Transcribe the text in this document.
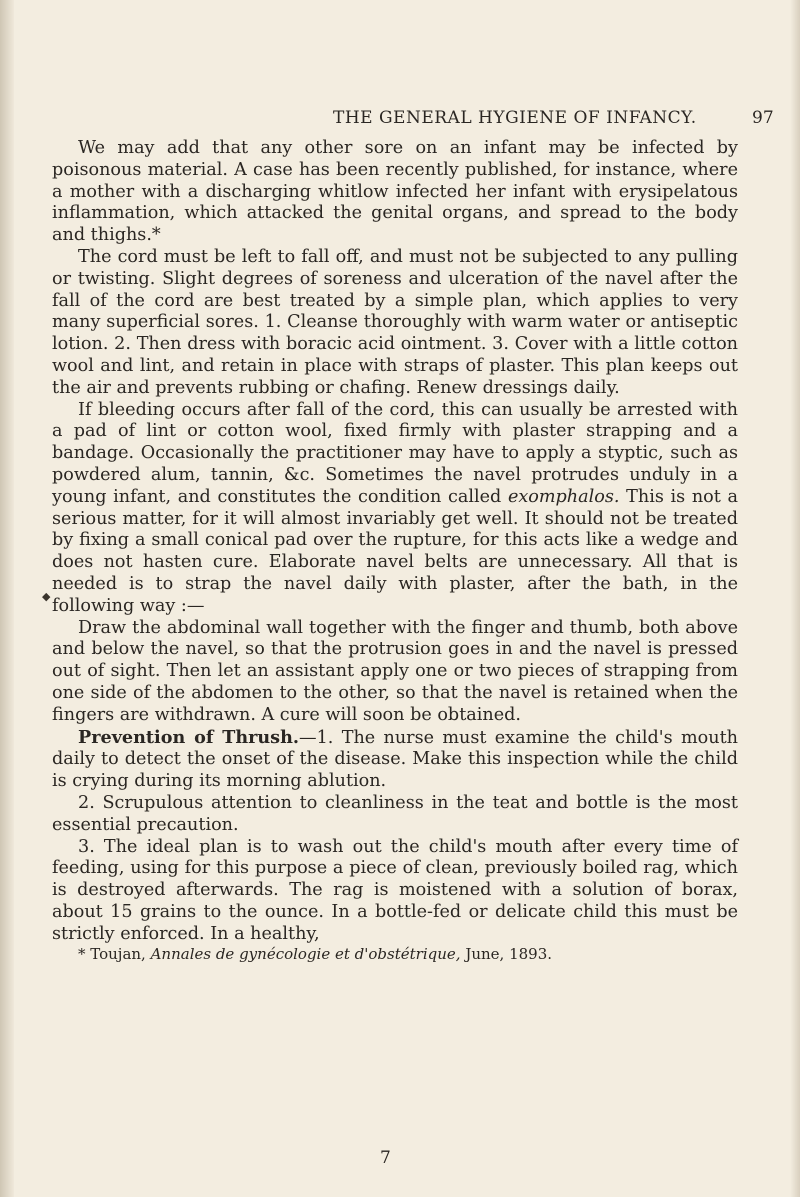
THE GENERAL HYGIENE OF INFANCY.	97
◆

We may add that any other sore on an infant may be infected by poisonous material. A case has been recently published, for instance, where a mother with a discharging whitlow infected her infant with erysipelatous inflammation, which attacked the genital organs, and spread to the body and thighs.*

The cord must be left to fall off, and must not be subjected to any pulling or twisting. Slight degrees of soreness and ulceration of the navel after the fall of the cord are best treated by a simple plan, which applies to very many superficial sores. 1. Cleanse thoroughly with warm water or antiseptic lotion. 2. Then dress with boracic acid ointment. 3. Cover with a little cotton wool and lint, and retain in place with straps of plaster. This plan keeps out the air and prevents rubbing or chafing. Renew dressings daily.

If bleeding occurs after fall of the cord, this can usually be arrested with a pad of lint or cotton wool, fixed firmly with plaster strapping and a bandage. Occasionally the practitioner may have to apply a styptic, such as powdered alum, tannin, &c. Sometimes the navel protrudes unduly in a young infant, and constitutes the condition called exomphalos. This is not a serious matter, for it will almost invariably get well. It should not be treated by fixing a small conical pad over the rupture, for this acts like a wedge and does not hasten cure. Elaborate navel belts are unnecessary. All that is needed is to strap the navel daily with plaster, after the bath, in the following way :—

Draw the abdominal wall together with the finger and thumb, both above and below the navel, so that the protrusion goes in and the navel is pressed out of sight. Then let an assistant apply one or two pieces of strapping from one side of the abdomen to the other, so that the navel is retained when the fingers are withdrawn. A cure will soon be obtained.

Prevention of Thrush.—1. The nurse must examine the child's mouth daily to detect the onset of the disease. Make this inspection while the child is crying during its morning ablution.

2. Scrupulous attention to cleanliness in the teat and bottle is the most essential precaution.

3. The ideal plan is to wash out the child's mouth after every time of feeding, using for this purpose a piece of clean, previously boiled rag, which is destroyed afterwards. The rag is moistened with a solution of borax, about 15 grains to the ounce. In a bottle-fed or delicate child this must be strictly enforced. In a healthy,

* Toujan, Annales de gynécologie et d'obstétrique, June, 1893.

7
